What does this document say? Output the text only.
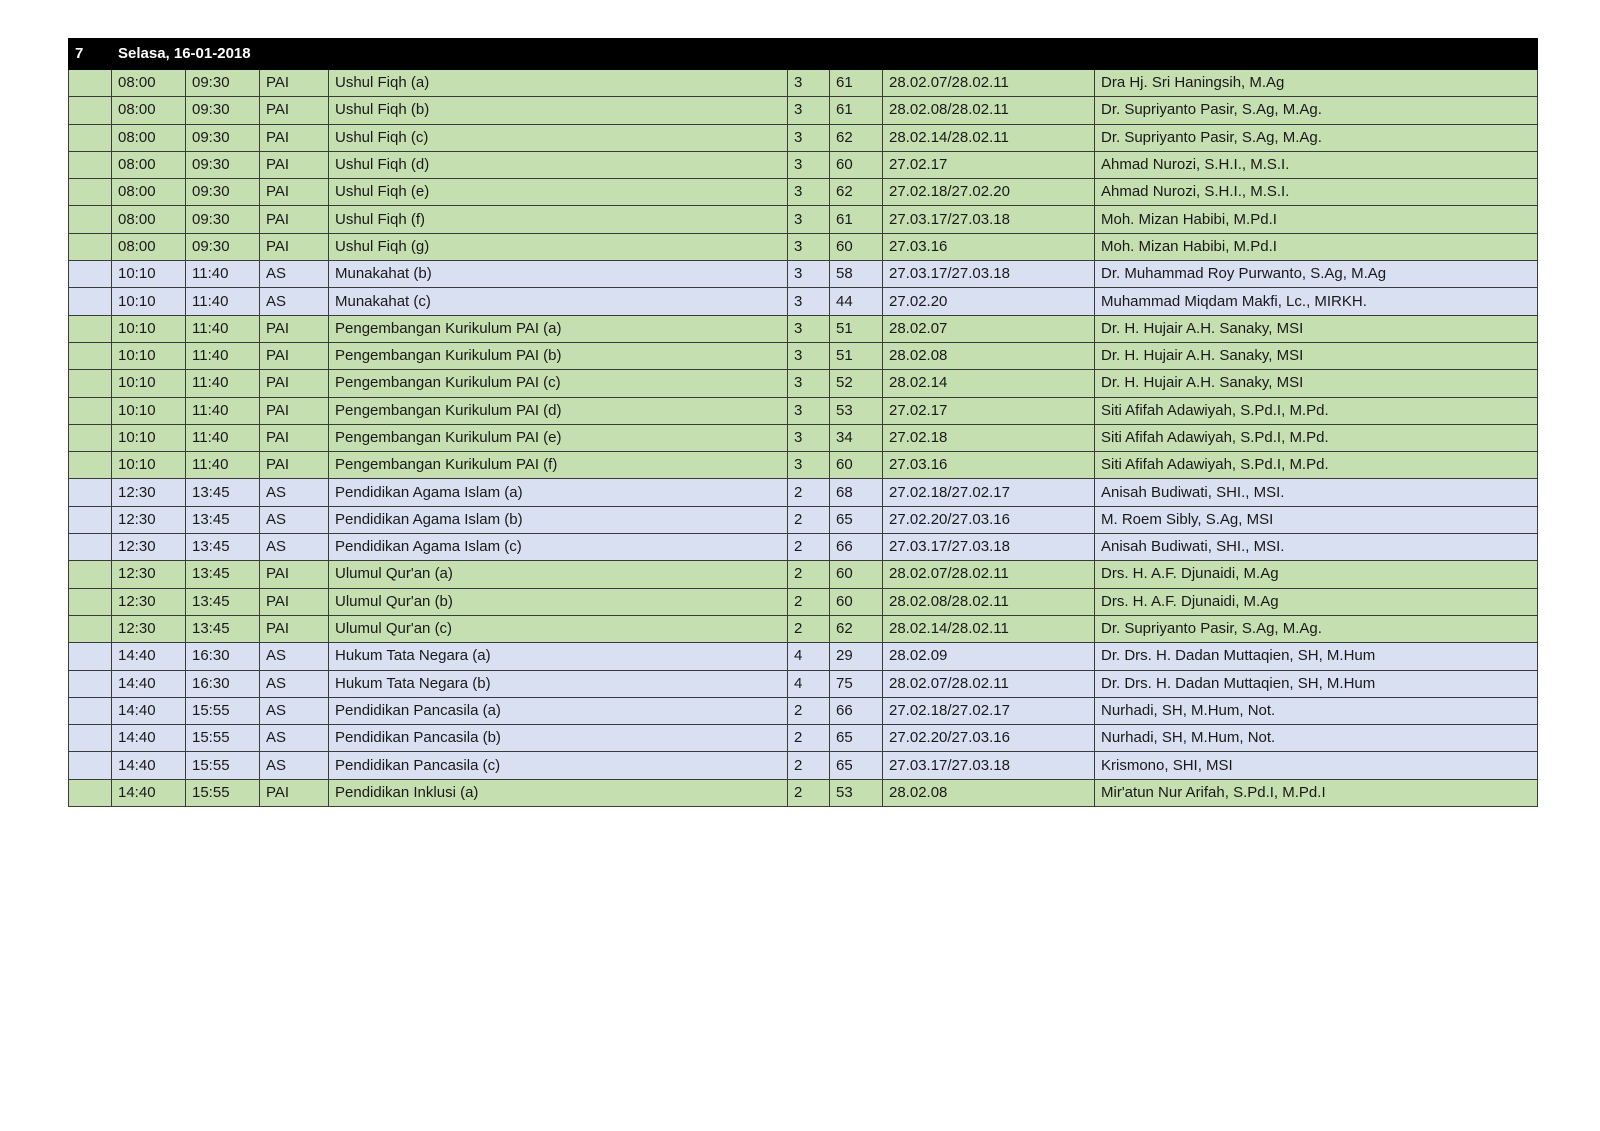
7	Selasa, 16-01-2018							
	08:00	09:30	PAI	Ushul Fiqh (a)	3	61	28.02.07/28.02.11	Dra Hj. Sri Haningsih, M.Ag
	08:00	09:30	PAI	Ushul Fiqh (b)	3	61	28.02.08/28.02.11	Dr. Supriyanto Pasir, S.Ag, M.Ag.
	08:00	09:30	PAI	Ushul Fiqh (c)	3	62	28.02.14/28.02.11	Dr. Supriyanto Pasir, S.Ag, M.Ag.
	08:00	09:30	PAI	Ushul Fiqh (d)	3	60	27.02.17	Ahmad Nurozi, S.H.I., M.S.I.
	08:00	09:30	PAI	Ushul Fiqh (e)	3	62	27.02.18/27.02.20	Ahmad Nurozi, S.H.I., M.S.I.
	08:00	09:30	PAI	Ushul Fiqh (f)	3	61	27.03.17/27.03.18	Moh. Mizan Habibi, M.Pd.I
	08:00	09:30	PAI	Ushul Fiqh (g)	3	60	27.03.16	Moh. Mizan Habibi, M.Pd.I
	10:10	11:40	AS	Munakahat (b)	3	58	27.03.17/27.03.18	Dr. Muhammad Roy Purwanto, S.Ag, M.Ag
	10:10	11:40	AS	Munakahat (c)	3	44	27.02.20	Muhammad Miqdam Makfi, Lc., MIRKH.
	10:10	11:40	PAI	Pengembangan Kurikulum PAI (a)	3	51	28.02.07	Dr. H. Hujair A.H. Sanaky, MSI
	10:10	11:40	PAI	Pengembangan Kurikulum PAI (b)	3	51	28.02.08	Dr. H. Hujair A.H. Sanaky, MSI
	10:10	11:40	PAI	Pengembangan Kurikulum PAI (c)	3	52	28.02.14	Dr. H. Hujair A.H. Sanaky, MSI
	10:10	11:40	PAI	Pengembangan Kurikulum PAI (d)	3	53	27.02.17	Siti Afifah Adawiyah, S.Pd.I, M.Pd.
	10:10	11:40	PAI	Pengembangan Kurikulum PAI (e)	3	34	27.02.18	Siti Afifah Adawiyah, S.Pd.I, M.Pd.
	10:10	11:40	PAI	Pengembangan Kurikulum PAI (f)	3	60	27.03.16	Siti Afifah Adawiyah, S.Pd.I, M.Pd.
	12:30	13:45	AS	Pendidikan Agama Islam (a)	2	68	27.02.18/27.02.17	Anisah Budiwati, SHI., MSI.
	12:30	13:45	AS	Pendidikan Agama Islam (b)	2	65	27.02.20/27.03.16	M. Roem Sibly, S.Ag, MSI
	12:30	13:45	AS	Pendidikan Agama Islam (c)	2	66	27.03.17/27.03.18	Anisah Budiwati, SHI., MSI.
	12:30	13:45	PAI	Ulumul Qur'an (a)	2	60	28.02.07/28.02.11	Drs. H. A.F. Djunaidi, M.Ag
	12:30	13:45	PAI	Ulumul Qur'an (b)	2	60	28.02.08/28.02.11	Drs. H. A.F. Djunaidi, M.Ag
	12:30	13:45	PAI	Ulumul Qur'an (c)	2	62	28.02.14/28.02.11	Dr. Supriyanto Pasir, S.Ag, M.Ag.
	14:40	16:30	AS	Hukum Tata Negara (a)	4	29	28.02.09	Dr. Drs. H. Dadan Muttaqien, SH, M.Hum
	14:40	16:30	AS	Hukum Tata Negara (b)	4	75	28.02.07/28.02.11	Dr. Drs. H. Dadan Muttaqien, SH, M.Hum
	14:40	15:55	AS	Pendidikan Pancasila (a)	2	66	27.02.18/27.02.17	Nurhadi, SH, M.Hum, Not.
	14:40	15:55	AS	Pendidikan Pancasila (b)	2	65	27.02.20/27.03.16	Nurhadi, SH, M.Hum, Not.
	14:40	15:55	AS	Pendidikan Pancasila (c)	2	65	27.03.17/27.03.18	Krismono, SHI, MSI
	14:40	15:55	PAI	Pendidikan Inklusi (a)	2	53	28.02.08	Mir'atun Nur Arifah, S.Pd.I, M.Pd.I
